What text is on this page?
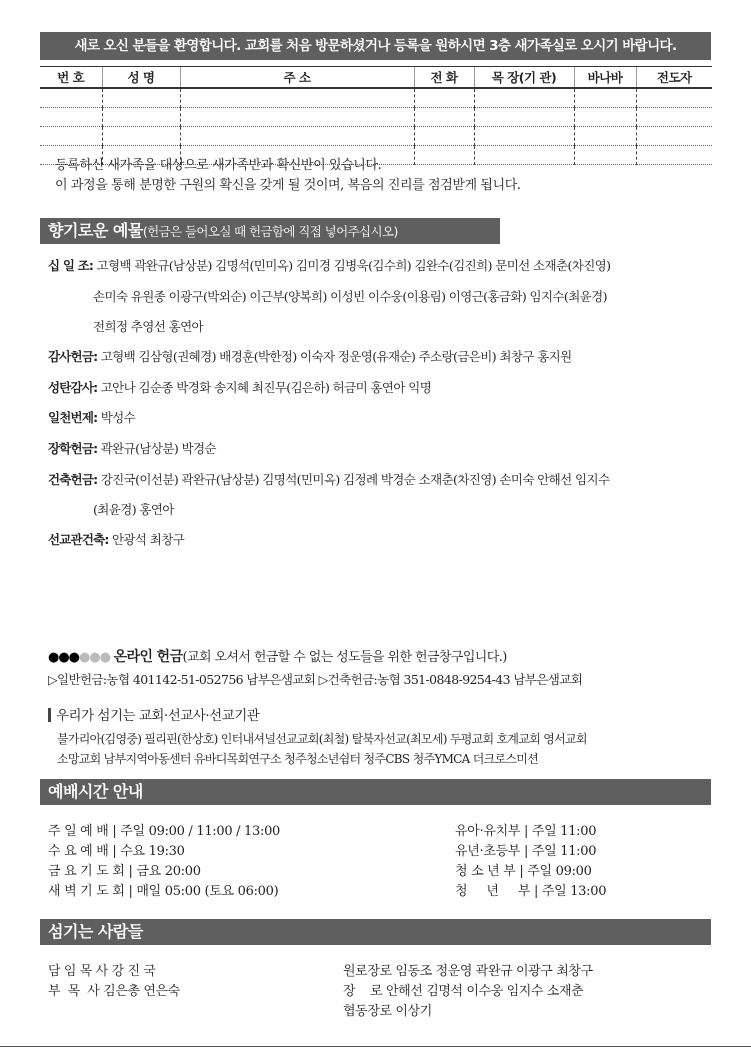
새로 오신 분들을 환영합니다. 교회를 처음 방문하셨거나 등록을 원하시면 3층 새가족실로 오시기 바랍니다.
번 호	성 명	주 소	전 화	목 장(기 관)	바나바	전도자

등록하신 새가족을 대상으로 새가족반과 확신반이 있습니다.
이 과정을 통해 분명한 구원의 확신을 갖게 될 것이며, 복음의 진리를 점검받게 됩니다.
향기로운 예물(헌금은 들어오실 때 헌금함에 직접 넣어주십시오)
십 일 조: 고형백 곽완규(남상분) 김명석(민미옥) 김미경 김병욱(김수희) 김완수(김진희) 문미선 소재춘(차진영)
손미숙 유원종 이광구(박외순) 이근부(양복희) 이성빈 이수웅(이용림) 이영근(홍금화) 임지수(최윤경)
전희정 추영선 홍연아
감사헌금: 고형백 김삼형(권혜경) 배경훈(박한정) 이숙자 정운영(유재순) 주소랑(금은비) 최창구 홍지원
성탄감사: 고안나 김순종 박경화 송지혜 최진무(김은하) 허금미 홍연아 익명
일천번제: 박성수
장학헌금: 곽완규(남상분) 박경순
건축헌금: 강진국(이선분) 곽완규(남상분) 김명석(민미옥) 김정례 박경순 소재춘(차진영) 손미숙 안해선 임지수
(최윤경) 홍연아
선교관건축: 안광석 최창구
●●●●●● 온라인 헌금(교회 오셔서 헌금할 수 없는 성도들을 위한 헌금창구입니다.)
▷일반헌금:농협 401142-51-052756 남부은샘교회 ▷건축헌금:농협 351-0848-9254-43 남부은샘교회
우리가 섬기는 교회·선교사·선교기관
불가리아(김영중) 필리핀(한상호) 인터내셔널선교교회(최철) 탈북자선교(최모세) 두평교회 호계교회 영서교회
소망교회 남부지역아동센터 유바디목회연구소 청주청소년쉼터 청주CBS 청주YMCA 더크로스미션
예배시간 안내
주 일 예 배 | 주일 09:00 / 11:00 / 13:00
수 요 예 배 | 수요 19:30
금 요 기 도 회 | 금요 20:00
새 벽 기 도 회 | 매일 05:00 (토요 06:00)
유아·유치부 | 주일 11:00
유년·초등부 | 주일 11:00
청 소 년 부 | 주일 09:00
청     년     부 | 주일 13:00
섬기는 사람들
담 임 목 사 강 진 국
부  목  사 김은총 연은숙
원로장로 임동조 정운영 곽완규 이광구 최창구
장    로 안해선 김명석 이수웅 임지수 소재춘
협동장로 이상기
